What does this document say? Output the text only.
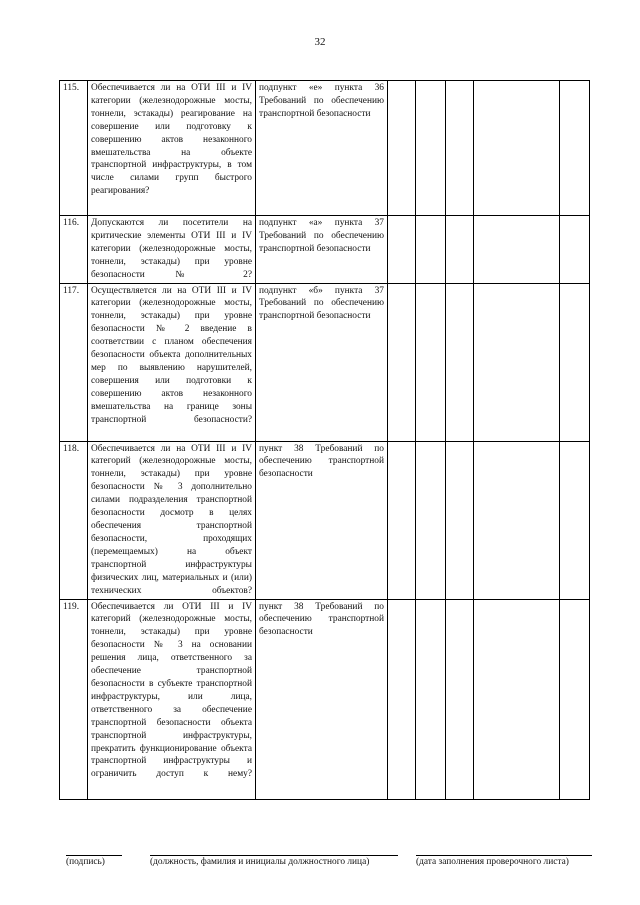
32
115.	Обеспечивается ли на ОТИ III и IV категории (железнодорожные мосты, тоннели, эстакады) реагирование на совершение или подготовку к совершению актов незаконного вмешательства на объекте транспортной инфраструктуры, в том числе силами групп быстрого реагирования?	подпункт «е» пункта 36 Требований по обеспечению транспортной безопасности					
116.	Допускаются ли посетители на критические элементы ОТИ III и IV категории (железнодорожные мосты, тоннели, эстакады) при уровне безопасности № 2?	подпункт «а» пункта 37 Требований по обеспечению транспортной безопасности					
117.	Осуществляется ли на ОТИ III и IV категории (железнодорожные мосты, тоннели, эстакады) при уровне безопасности № 2 введение в соответствии с планом обеспечения безопасности объекта дополнительных мер по выявлению нарушителей, совершения или подготовки к совершению актов незаконного вмешательства на границе зоны транспортной безопасности?	подпункт «б» пункта 37 Требований по обеспечению транспортной безопасности					
118.	Обеспечивается ли на ОТИ III и IV категорий (железнодорожные мосты, тоннели, эстакады) при уровне безопасности № 3 дополнительно силами подразделения транспортной безопасности досмотр в целях обеспечения транспортной безопасности, проходящих (перемещаемых) на объект транспортной инфраструктуры физических лиц, материальных и (или) технических объектов?	пункт 38 Требований по обеспечению транспортной безопасности					
119.	Обеспечивается ли ОТИ III и IV категорий (железнодорожные мосты, тоннели, эстакады) при уровне безопасности № 3 на основании решения лица, ответственного за обеспечение транспортной безопасности в субъекте транспортной инфраструктуры, или лица, ответственного за обеспечение транспортной безопасности объекта транспортной инфраструктуры, прекратить функционирование объекта транспортной инфраструктуры и ограничить доступ к нему?	пункт 38 Требований по обеспечению транспортной безопасности					
(подпись)	(должность, фамилия и инициалы должностного лица)	(дата заполнения проверочного листа)
